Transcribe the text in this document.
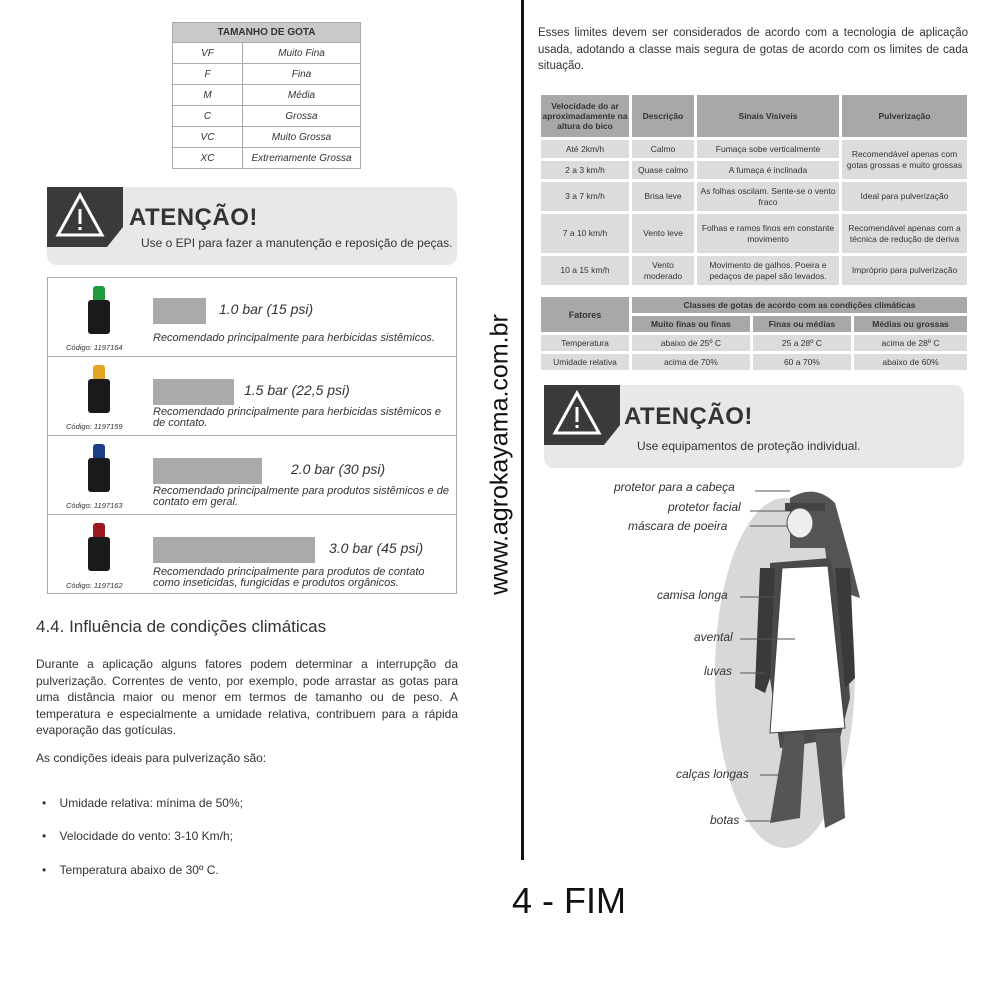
TAMANHO DE GOTA	
VF	Muito Fina
F	Fina
M	Média
C	Grossa
VC	Muito Grossa
XC	Extremamente Grossa
ATENÇÃO!

Use o EPI para fazer a manutenção e reposição de peças.

Código: 1197164
1.0 bar (15 psi)
Recomendado principalmente para herbicidas sistêmicos.
Código: 1197159
1.5 bar (22,5 psi)
Recomendado principalmente para herbicidas sistêmicos e de contato.
Código: 1197163
2.0 bar (30 psi)
Recomendado principalmente para produtos sistêmicos e de contato em geral.
Código: 1197162
3.0 bar (45 psi)
Recomendado principalmente para produtos de contato como inseticidas, fungicidas e produtos orgânicos.
4.4. Influência de condições climáticas
Durante a aplicação alguns fatores podem determinar a interrupção da pulverização. Correntes de vento, por exemplo, pode arrastar as gotas para uma distância maior ou menor em termos de tamanho ou de peso. A temperatura e especialmente a umidade relativa, contribuem para a rápida evaporação das gotículas.
As condições ideais para pulverização são:
•    Umidade relativa: mínima de 50%;
•    Velocidade do vento: 3-10 Km/h;
•    Temperatura abaixo de 30º C.
www.agrokayama.com.br
Esses limites devem ser considerados de acordo com a tecnologia de aplicação usada, adotando a classe mais segura de gotas de acordo com os limites de cada situação.
Velocidade do ar aproximadamente na altura do bico	Descrição	Sinais Visíveis	Pulverização
Até 2km/h	Calmo	Fumaça sobe verticalmente	Recomendável apenas com gotas grossas e muito grossas
2 a 3 km/h	Quase calmo	A fumaça é inclinada	
3 a 7 km/h	Brisa leve	As folhas oscilam. Sente-se o vento fraco	Ideal para pulverização
7 a 10 km/h	Vento leve	Folhas e ramos finos em constante movimento	Recomendável apenas com a técnica de redução de deriva
10 a 15 km/h	Vento moderado	Movimento de galhos. Poeira e pedaços de papel são levados.	Impróprio para pulverização
Fatores	Classes de gotas de acordo com as condições climáticas		
	Muito finas ou finas	Finas ou médias	Médias ou grossas
Temperatura	abaixo de 25º C	25 a 28º C	acima de 28º C
Umidade relativa	acima de 70%	60 a 70%	abaixo de 60%
ATENÇÃO!

Use equipamentos de proteção individual.

protetor para a cabeça
protetor facial
máscara de poeira
camisa longa
avental
luvas
calças longas
botas
4 - FIM
